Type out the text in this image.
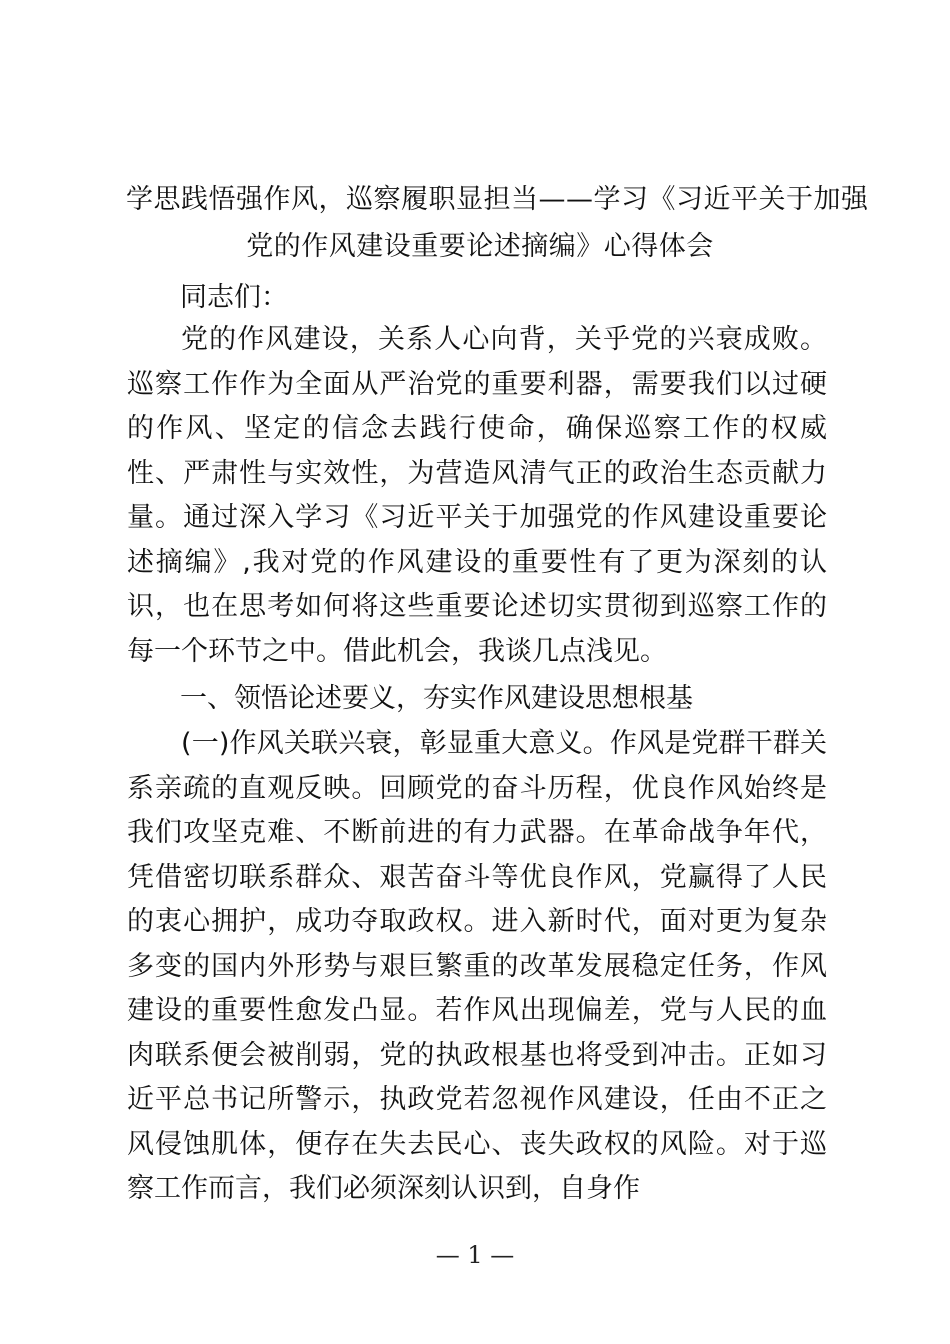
学思践悟强作风，巡察履职显担当——学习《习近平关于加强
党的作风建设重要论述摘编》心得体会
同志们：

党的作风建设，关系人心向背，关乎党的兴衰成败。巡察工作作为全面从严治党的重要利器，需要我们以过硬的作风、坚定的信念去践行使命，确保巡察工作的权威性、严肃性与实效性，为营造风清气正的政治生态贡献力量。通过深入学习《习近平关于加强党的作风建设重要论述摘编》,我对党的作风建设的重要性有了更为深刻的认识，也在思考如何将这些重要论述切实贯彻到巡察工作的每一个环节之中。借此机会，我谈几点浅见。

一、领悟论述要义，夯实作风建设思想根基

(一)作风关联兴衰，彰显重大意义。作风是党群干群关系亲疏的直观反映。回顾党的奋斗历程，优良作风始终是我们攻坚克难、不断前进的有力武器。在革命战争年代，凭借密切联系群众、艰苦奋斗等优良作风，党赢得了人民的衷心拥护，成功夺取政权。进入新时代，面对更为复杂多变的国内外形势与艰巨繁重的改革发展稳定任务，作风建设的重要性愈发凸显。若作风出现偏差，党与人民的血肉联系便会被削弱，党的执政根基也将受到冲击。正如习近平总书记所警示，执政党若忽视作风建设，任由不正之风侵蚀肌体，便存在失去民心、丧失政权的风险。对于巡察工作而言，我们必须深刻认识到，自身作

— 1 —
